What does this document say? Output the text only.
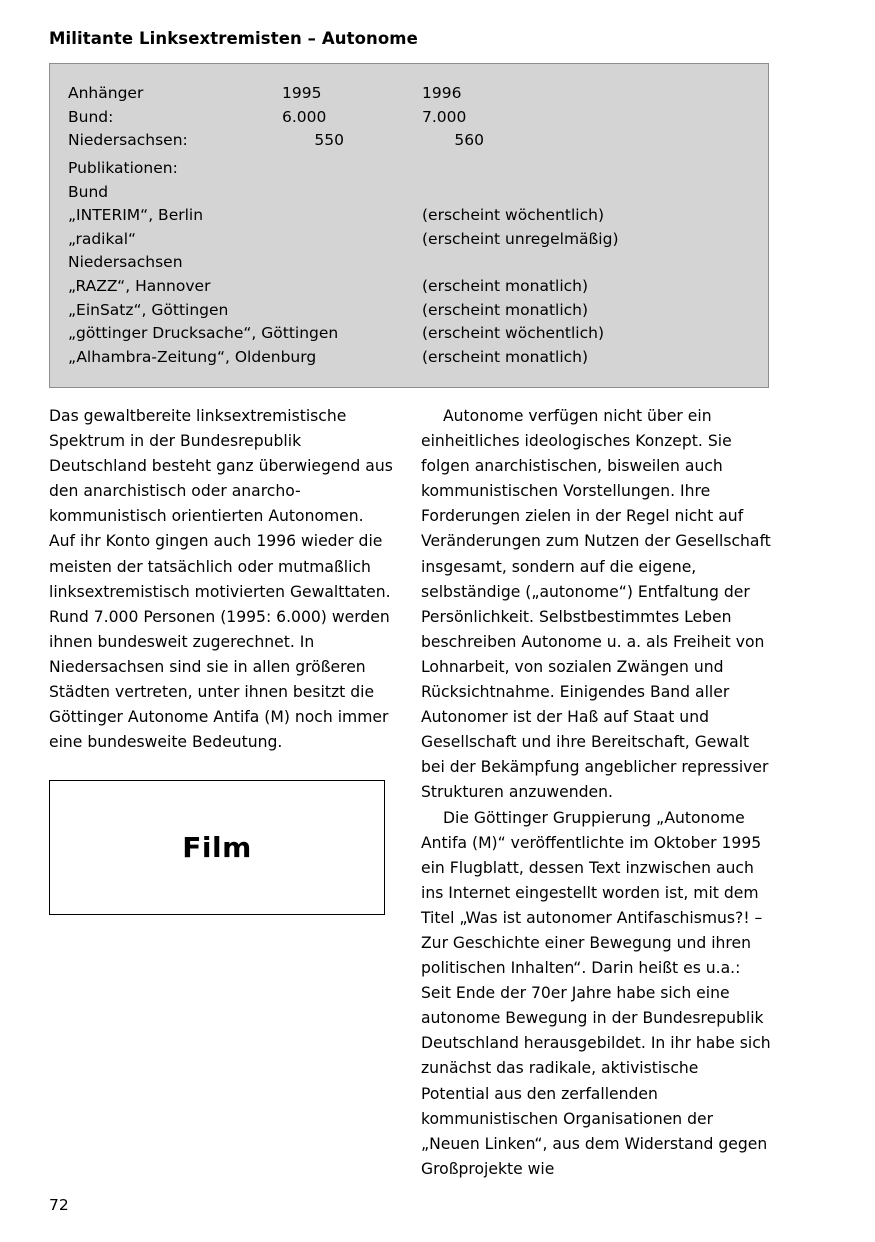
Militante Linksextremisten – Autonome
Anhänger	1995	1996
Bund:	6.000	7.000
Niedersachsen:	550	560
Publikationen:
Bund
„INTERIM“, Berlin	(erscheint wöchentlich)
„radikal“	(erscheint unregelmäßig)
Niedersachsen
„RAZZ“, Hannover	(erscheint monatlich)
„EinSatz“, Göttingen	(erscheint monatlich)
„göttinger Drucksache“, Göttingen	(erscheint wöchentlich)
„Alhambra-Zeitung“, Oldenburg	(erscheint monatlich)

Das gewaltbereite linksextremistische Spektrum in der Bundesrepublik Deutschland besteht ganz überwiegend aus den anarchistisch oder anarcho-kommunistisch orientierten Autonomen. Auf ihr Konto gingen auch 1996 wieder die meisten der tatsächlich oder mutmaßlich linksextremistisch motivierten Gewalttaten. Rund 7.000 Personen (1995: 6.000) werden ihnen bundesweit zugerechnet. In Niedersachsen sind sie in allen größeren Städten vertreten, unter ihnen besitzt die Göttinger Autonome Antifa (M) noch immer eine bundesweite Bedeutung.

Autonome verfügen nicht über ein einheitliches ideologisches Konzept. Sie folgen anarchistischen, bisweilen auch kommunistischen Vorstellungen. Ihre Forderungen zielen in der Regel nicht auf Veränderungen zum Nutzen der Gesellschaft insgesamt, sondern auf die eigene, selbständige („autonome“) Entfaltung der Persönlichkeit. Selbstbestimmtes Leben beschreiben Autonome u. a. als Freiheit von Lohnarbeit, von sozialen Zwängen und Rücksichtnahme. Einigendes Band aller Autonomer ist der Haß auf Staat und Gesellschaft und ihre Bereitschaft, Gewalt bei der Bekämpfung angeblicher repressiver Strukturen anzuwenden.

Die Göttinger Gruppierung „Autonome Antifa (M)“ veröffentlichte im Oktober 1995 ein Flugblatt, dessen Text inzwischen auch ins Internet eingestellt worden ist, mit dem Titel „Was ist autonomer Antifaschismus?! – Zur Geschichte einer Bewegung und ihren politischen Inhalten“. Darin heißt es u.a.: Seit Ende der 70er Jahre habe sich eine autonome Bewegung in der Bundesrepublik Deutschland herausgebildet. In ihr habe sich zunächst das radikale, aktivistische Potential aus den zerfallenden kommunistischen Organisationen der „Neuen Linken“, aus dem Widerstand gegen Großprojekte wie

Film
72
